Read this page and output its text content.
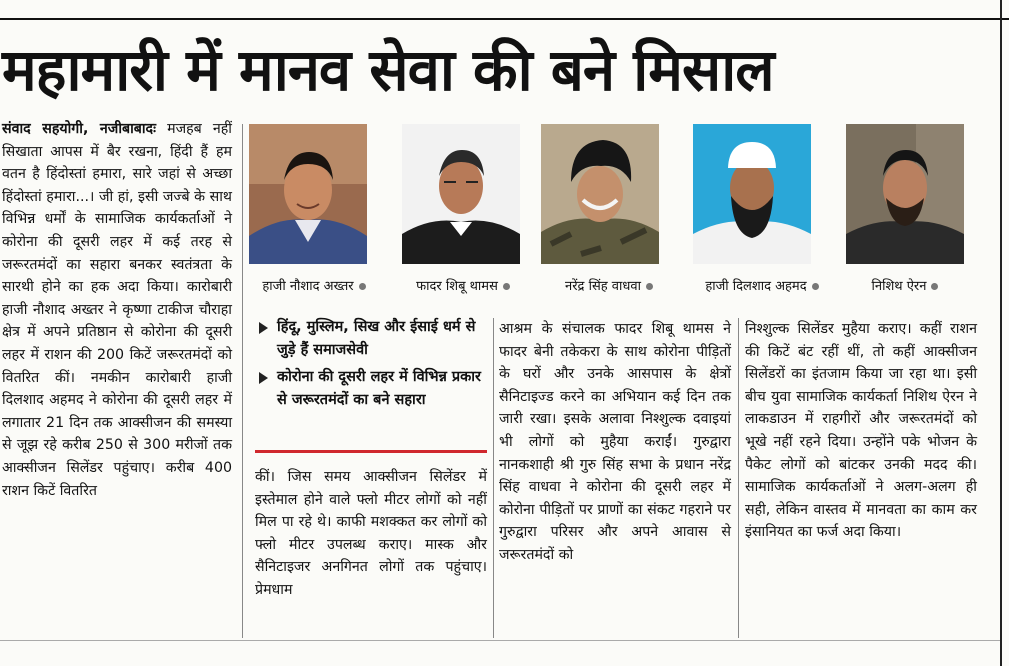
महामारी में मानव सेवा की बने मिसाल

संवाद सहयोगी, नजीबाबादः मजहब नहीं सिखाता आपस में बैर रखना, हिंदी हैं हम वतन है हिंदोस्तां हमारा, सारे जहां से अच्छा हिंदोस्तां हमारा...। जी हां, इसी जज्बे के साथ विभिन्न धर्मों के सामाजिक कार्यकर्ताओं ने कोरोना की दूसरी लहर में कई तरह से जरूरतमंदों का सहारा बनकर स्वतंत्रता के सारथी होने का हक अदा किया। कारोबारी हाजी नौशाद अख्तर ने कृष्णा टाकीज चौराहा क्षेत्र में अपने प्रतिष्ठान से कोरोना की दूसरी लहर में राशन की 200 किटें जरूरतमंदों को वितरित कीं। नमकीन कारोबारी हाजी दिलशाद अहमद ने कोरोना की दूसरी लहर में लगातार 21 दिन तक आक्सीजन की समस्या से जूझ रहे करीब 250 से 300 मरीजों तक आक्सीजन सिलेंडर पहुंचाए। करीब 400 राशन किटें वितरित

हाजी नौशाद अख्तर	फादर शिबू थामस	नरेंद्र सिंह वाधवा	हाजी दिलशाद अहमद	निशिथ ऐरन
हिंदू, मुस्लिम, सिख और ईसाई धर्म से जुड़े हैं समाजसेवी
कोरोना की दूसरी लहर में विभिन्न प्रकार से जरूरतमंदों का बने सहारा

कीं। जिस समय आक्सीजन सिलेंडर में इस्तेमाल होने वाले फ्लो मीटर लोगों को नहीं मिल पा रहे थे। काफी मशक्कत कर लोगों को फ्लो मीटर उपलब्ध कराए। मास्क और सैनिटाइजर अनगिनत लोगों तक पहुंचाए। प्रेमधाम

आश्रम के संचालक फादर शिबू थामस ने फादर बेनी तकेकरा के साथ कोरोना पीड़ितों के घरों और उनके आसपास के क्षेत्रों सैनिटाइज्ड करने का अभियान कई दिन तक जारी रखा। इसके अलावा निश्शुल्क दवाइयां भी लोगों को मुहैया कराईं। गुरुद्वारा नानकशाही श्री गुरु सिंह सभा के प्रधान नरेंद्र सिंह वाधवा ने कोरोना की दूसरी लहर में कोरोना पीड़ितों पर प्राणों का संकट गहराने पर गुरुद्वारा परिसर और अपने आवास से जरूरतमंदों को

निश्शुल्क सिलेंडर मुहैया कराए। कहीं राशन की किटें बंट रहीं थीं, तो कहीं आक्सीजन सिलेंडरों का इंतजाम किया जा रहा था। इसी बीच युवा सामाजिक कार्यकर्ता निशिथ ऐरन ने लाकडाउन में राहगीरों और जरूरतमंदों को भूखे नहीं रहने दिया। उन्होंने पके भोजन के पैकेट लोगों को बांटकर उनकी मदद की। सामाजिक कार्यकर्ताओं ने अलग-अलग ही सही, लेकिन वास्तव में मानवता का काम कर इंसानियत का फर्ज अदा किया।
